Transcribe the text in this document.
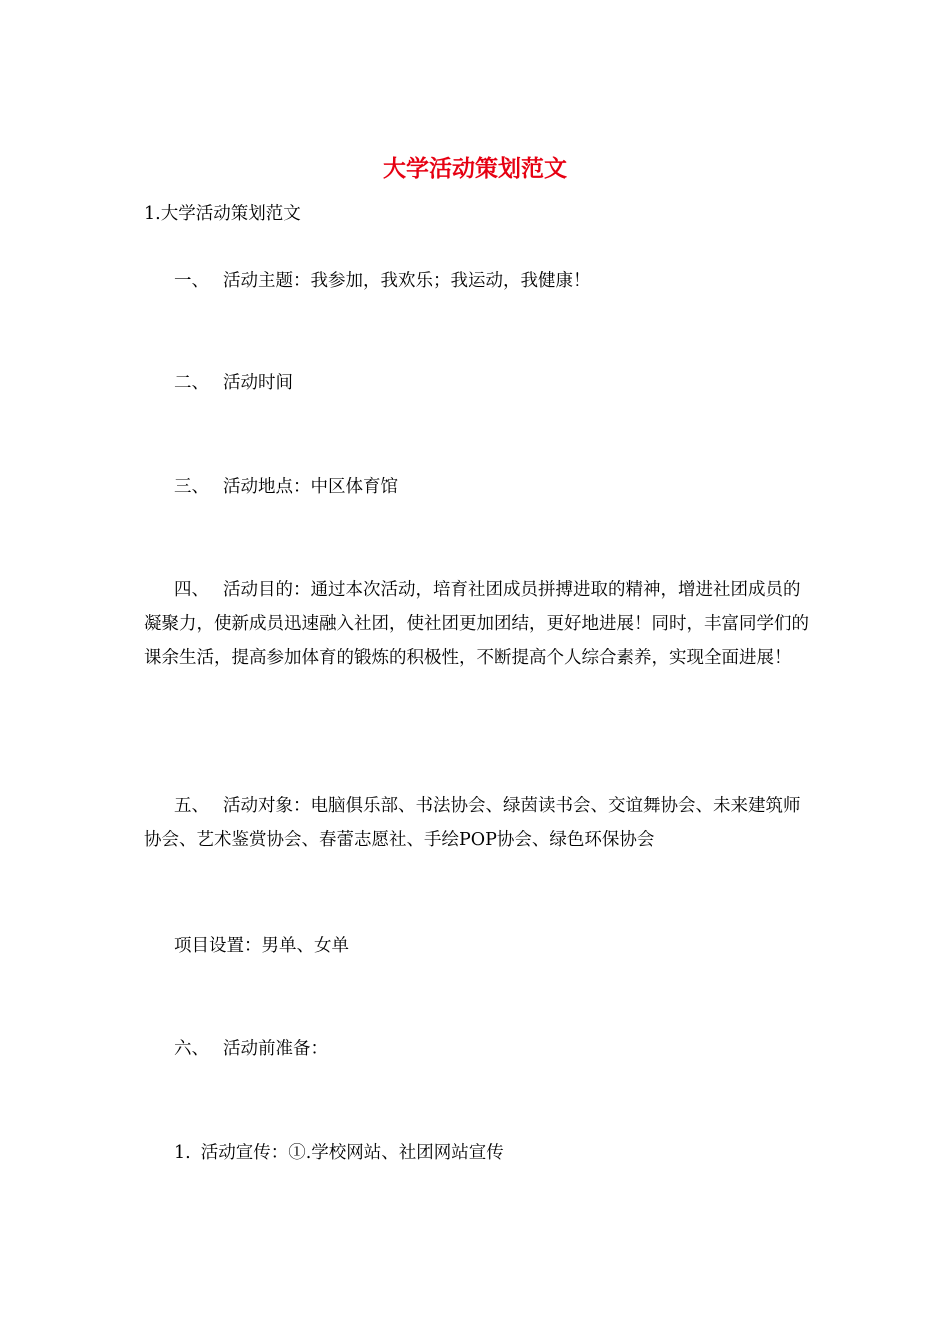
大学活动策划范文

1.大学活动策划范文

一、 活动主题：我参加，我欢乐；我运动，我健康！

二、 活动时间

三、 活动地点：中区体育馆

四、 活动目的：通过本次活动，培育社团成员拼搏进取的精神，增进社团成员的凝聚力，使新成员迅速融入社团，使社团更加团结，更好地进展！同时，丰富同学们的课余生活，提高参加体育的锻炼的积极性，不断提高个人综合素养，实现全面进展！

五、 活动对象：电脑俱乐部、书法协会、绿茵读书会、交谊舞协会、未来建筑师协会、艺术鉴赏协会、春蕾志愿社、手绘POP协会、绿色环保协会

项目设置：男单、女单

六、 活动前准备：

1. 活动宣传：①.学校网站、社团网站宣传
